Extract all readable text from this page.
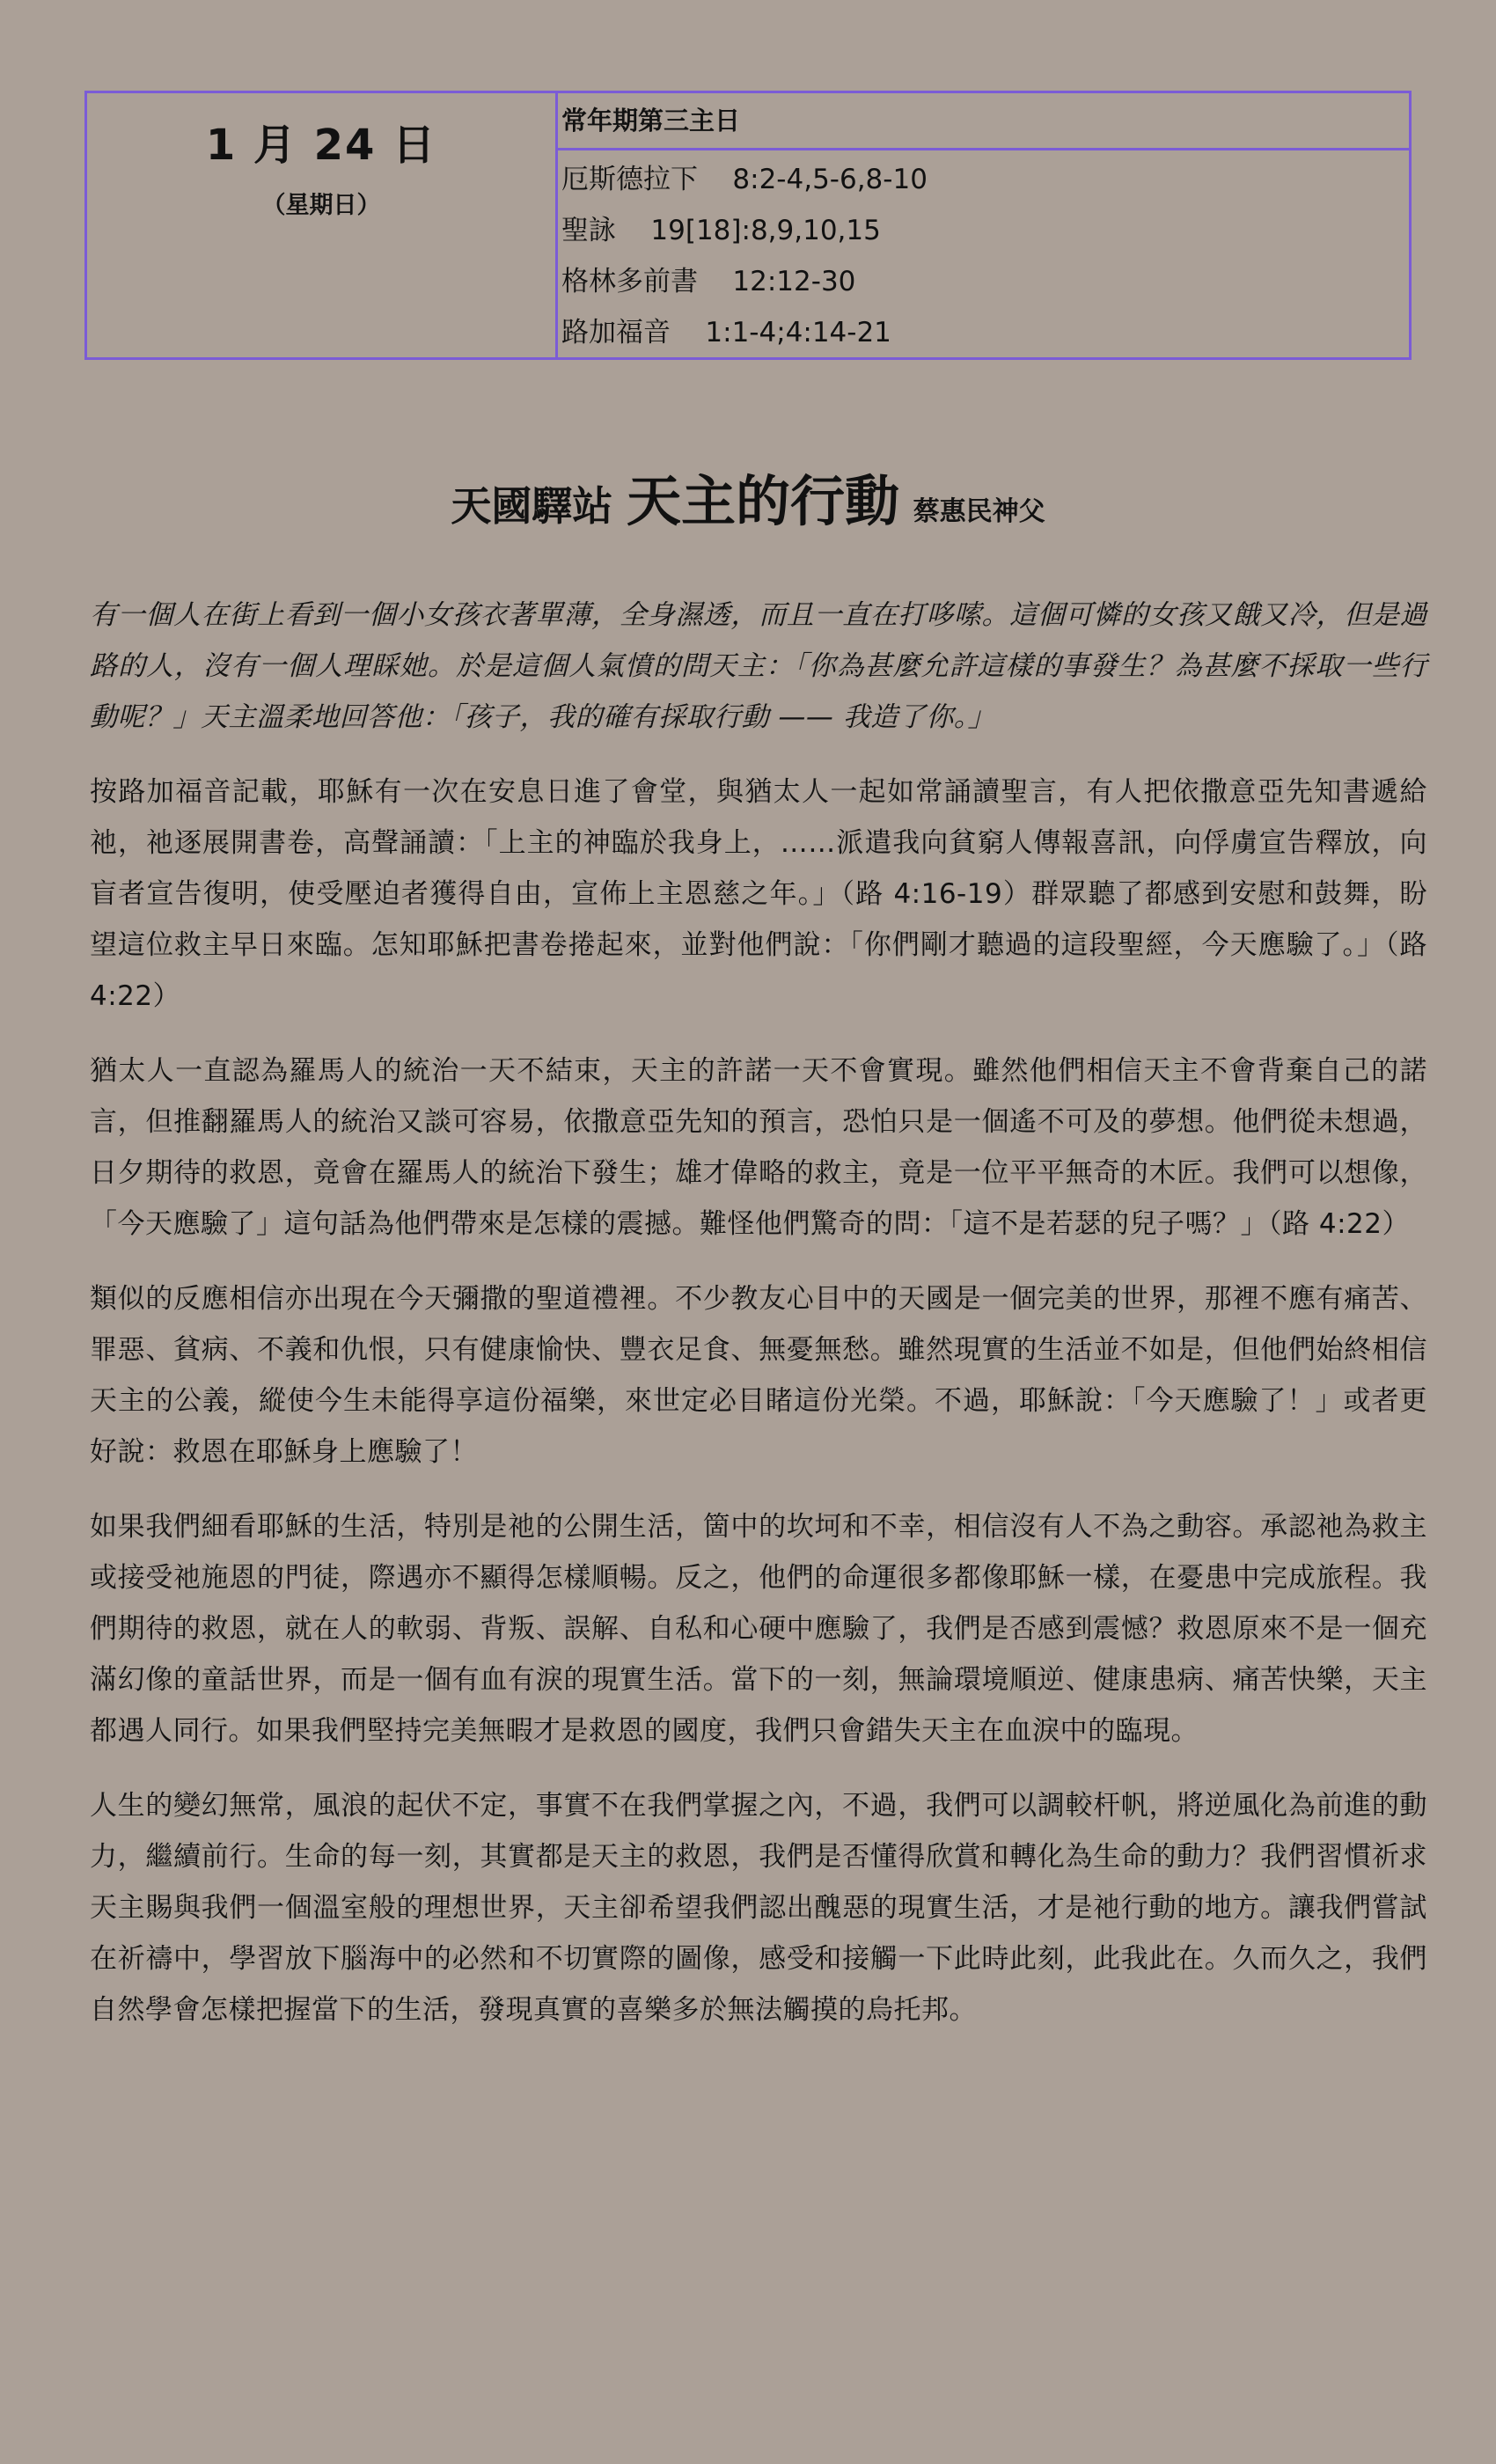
1 月 24 日
（星期日）
常年期第三主日
厄斯德拉下    8:2-4,5-6,8-10
聖詠    19[18]:8,9,10,15
格林多前書    12:12-30
路加福音    1:1-4;4:14-21
天國驛站 天主的行動 蔡惠民神父

有一個人在街上看到一個小女孩衣著單薄，全身濕透，而且一直在打哆嗦。這個可憐的女孩又餓又冷，但是過路的人，沒有一個人理睬她。於是這個人氣憤的問天主：「你為甚麼允許這樣的事發生？為甚麼不採取一些行動呢？」天主溫柔地回答他：「孩子，我的確有採取行動 —— 我造了你。」

按路加福音記載，耶穌有一次在安息日進了會堂，與猶太人一起如常誦讀聖言，有人把依撒意亞先知書遞給祂，祂逐展開書卷，高聲誦讀：「上主的神臨於我身上，……派遣我向貧窮人傳報喜訊，向俘虜宣告釋放，向盲者宣告復明，使受壓迫者獲得自由，宣佈上主恩慈之年。」（路 4:16-19）群眾聽了都感到安慰和鼓舞，盼望這位救主早日來臨。怎知耶穌把書卷捲起來，並對他們說：「你們剛才聽過的這段聖經，今天應驗了。」（路 4:22）

猶太人一直認為羅馬人的統治一天不結束，天主的許諾一天不會實現。雖然他們相信天主不會背棄自己的諾言，但推翻羅馬人的統治又談可容易，依撒意亞先知的預言，恐怕只是一個遙不可及的夢想。他們從未想過，日夕期待的救恩，竟會在羅馬人的統治下發生；雄才偉略的救主，竟是一位平平無奇的木匠。我們可以想像，「今天應驗了」這句話為他們帶來是怎樣的震撼。難怪他們驚奇的問：「這不是若瑟的兒子嗎？」（路 4:22）

類似的反應相信亦出現在今天彌撒的聖道禮裡。不少教友心目中的天國是一個完美的世界，那裡不應有痛苦、罪惡、貧病、不義和仇恨，只有健康愉快、豐衣足食、無憂無愁。雖然現實的生活並不如是，但他們始終相信天主的公義，縱使今生未能得享這份福樂，來世定必目睹這份光榮。不過，耶穌說：「今天應驗了！」或者更好說：救恩在耶穌身上應驗了！

如果我們細看耶穌的生活，特別是祂的公開生活，箇中的坎坷和不幸，相信沒有人不為之動容。承認祂為救主或接受祂施恩的門徒，際遇亦不顯得怎樣順暢。反之，他們的命運很多都像耶穌一樣，在憂患中完成旅程。我們期待的救恩，就在人的軟弱、背叛、誤解、自私和心硬中應驗了，我們是否感到震憾？救恩原來不是一個充滿幻像的童話世界，而是一個有血有淚的現實生活。當下的一刻，無論環境順逆、健康患病、痛苦快樂，天主都遇人同行。如果我們堅持完美無暇才是救恩的國度，我們只會錯失天主在血淚中的臨現。

人生的變幻無常，風浪的起伏不定，事實不在我們掌握之內，不過，我們可以調較杆帆，將逆風化為前進的動力，繼續前行。生命的每一刻，其實都是天主的救恩，我們是否懂得欣賞和轉化為生命的動力？我們習慣祈求天主賜與我們一個溫室般的理想世界，天主卻希望我們認出醜惡的現實生活，才是祂行動的地方。讓我們嘗試在祈禱中，學習放下腦海中的必然和不切實際的圖像，感受和接觸一下此時此刻，此我此在。久而久之，我們自然學會怎樣把握當下的生活，發現真實的喜樂多於無法觸摸的烏托邦。
